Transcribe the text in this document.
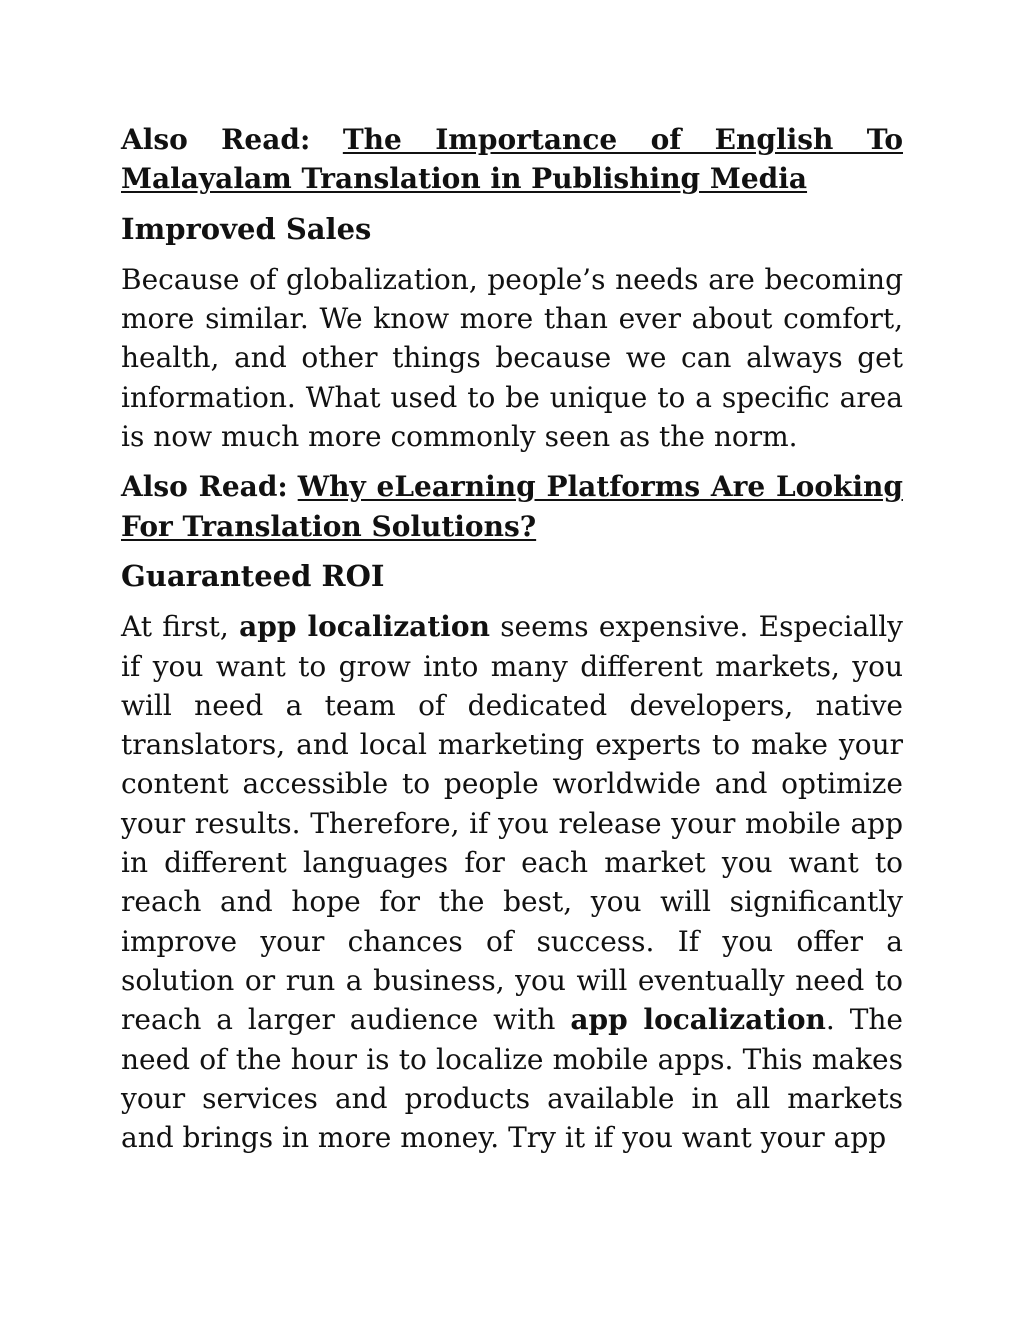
Also Read: The Importance of English To Malayalam Translation in Publishing Media

Improved Sales

Because of globalization, people’s needs are becoming more similar. We know more than ever about comfort, health, and other things because we can always get information. What used to be unique to a specific area is now much more commonly seen as the norm.

Also Read: Why eLearning Platforms Are Looking For Translation Solutions?

Guaranteed ROI

At first, app localization seems expensive. Especially if you want to grow into many different markets, you will need a team of dedicated developers, native translators, and local marketing experts to make your content accessible to people worldwide and optimize your results. Therefore, if you release your mobile app in different languages for each market you want to reach and hope for the best, you will significantly improve your chances of success. If you offer a solution or run a business, you will eventually need to reach a larger audience with app localization. The need of the hour is to localize mobile apps. This makes your services and products available in all markets and brings in more money. Try it if you want your app
